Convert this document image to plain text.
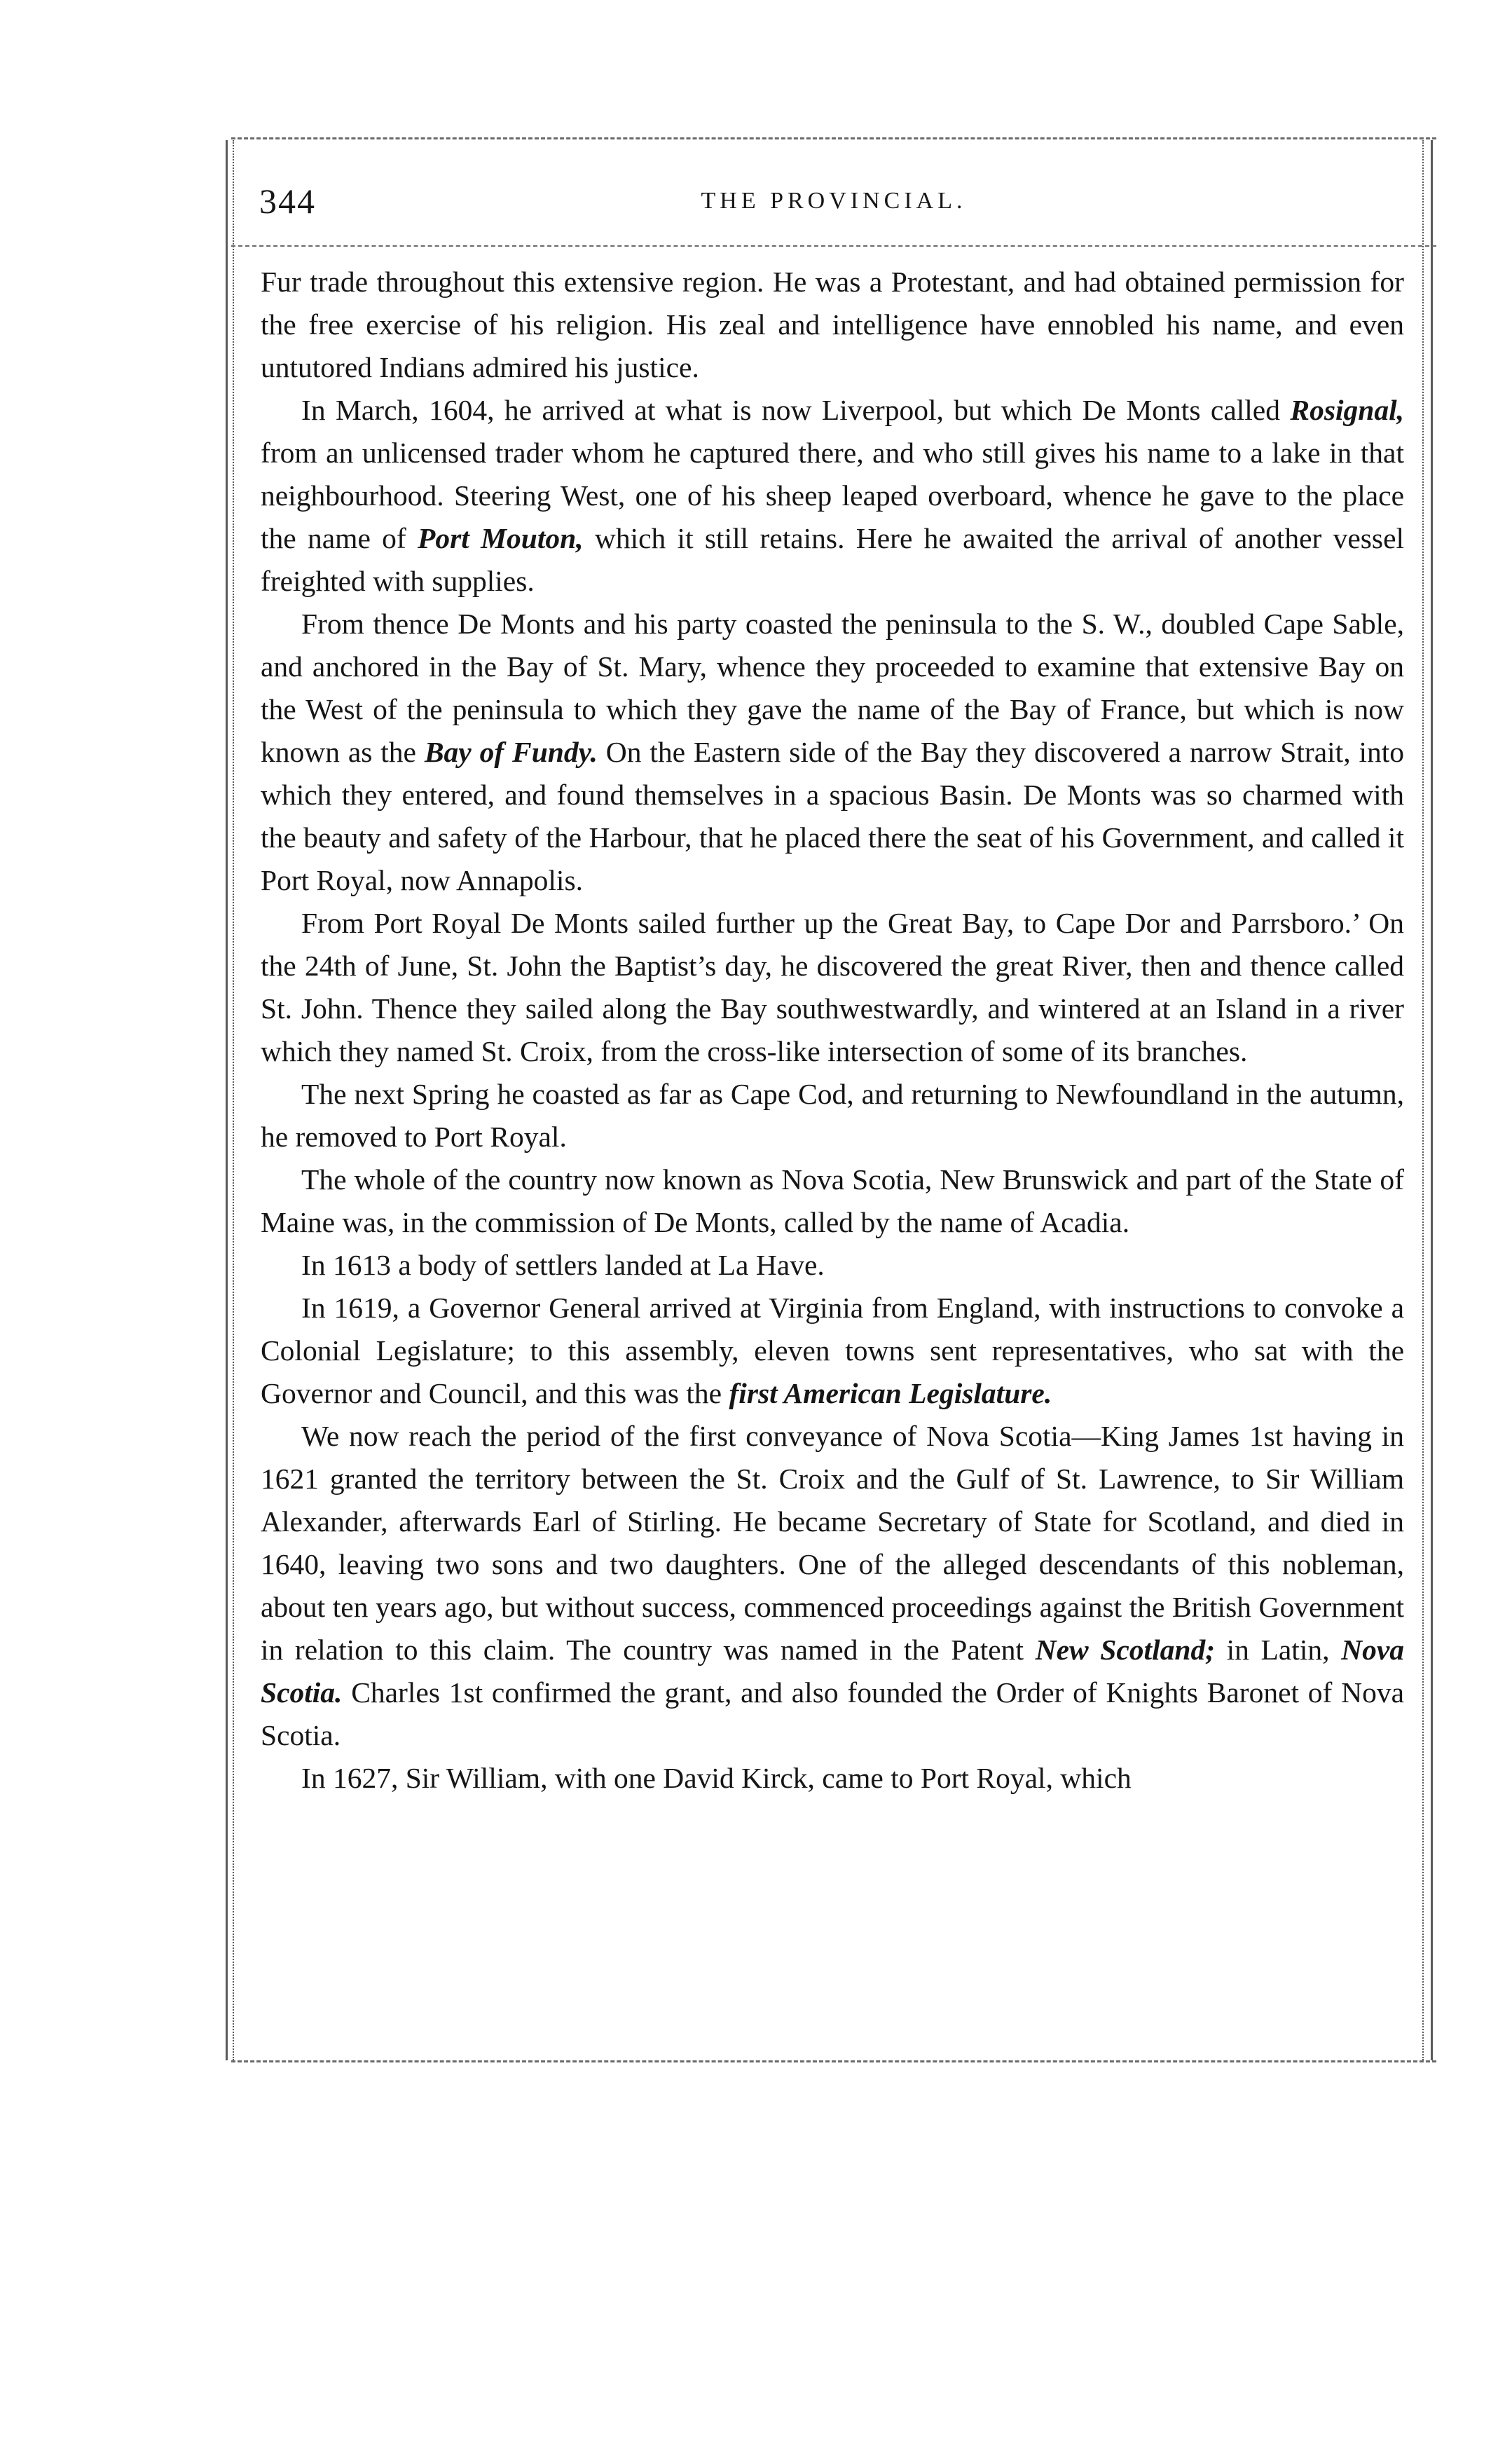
344	THE PROVINCIAL.

Fur trade throughout this extensive region. He was a Protestant, and had obtained permission for the free exercise of his religion. His zeal and intelligence have ennobled his name, and even untutored Indians admired his justice.

In March, 1604, he arrived at what is now Liverpool, but which De Monts called Rosignal, from an unlicensed trader whom he captured there, and who still gives his name to a lake in that neighbourhood. Steering West, one of his sheep leaped overboard, whence he gave to the place the name of Port Mouton, which it still retains. Here he awaited the arrival of another vessel freighted with supplies.

From thence De Monts and his party coasted the peninsula to the S. W., doubled Cape Sable, and anchored in the Bay of St. Mary, whence they proceeded to examine that extensive Bay on the West of the peninsula to which they gave the name of the Bay of France, but which is now known as the Bay of Fundy. On the Eastern side of the Bay they discovered a narrow Strait, into which they entered, and found themselves in a spacious Basin. De Monts was so charmed with the beauty and safety of the Harbour, that he placed there the seat of his Government, and called it Port Royal, now Annapolis.

From Port Royal De Monts sailed further up the Great Bay, to Cape Dor and Parrsboro.’ On the 24th of June, St. John the Baptist’s day, he discovered the great River, then and thence called St. John. Thence they sailed along the Bay southwestwardly, and wintered at an Island in a river which they named St. Croix, from the cross-like intersection of some of its branches.

The next Spring he coasted as far as Cape Cod, and returning to Newfoundland in the autumn, he removed to Port Royal.

The whole of the country now known as Nova Scotia, New Brunswick and part of the State of Maine was, in the commission of De Monts, called by the name of Acadia.

In 1613 a body of settlers landed at La Have.

In 1619, a Governor General arrived at Virginia from England, with instructions to convoke a Colonial Legislature; to this assembly, eleven towns sent representatives, who sat with the Governor and Council, and this was the first American Legislature.

We now reach the period of the first conveyance of Nova Scotia—King James 1st having in 1621 granted the territory between the St. Croix and the Gulf of St. Lawrence, to Sir William Alexander, afterwards Earl of Stirling. He became Secretary of State for Scotland, and died in 1640, leaving two sons and two daughters. One of the alleged descendants of this nobleman, about ten years ago, but without success, commenced proceedings against the British Government in relation to this claim. The country was named in the Patent New Scotland; in Latin, Nova Scotia. Charles 1st confirmed the grant, and also founded the Order of Knights Baronet of Nova Scotia.

In 1627, Sir William, with one David Kirck, came to Port Royal, which
